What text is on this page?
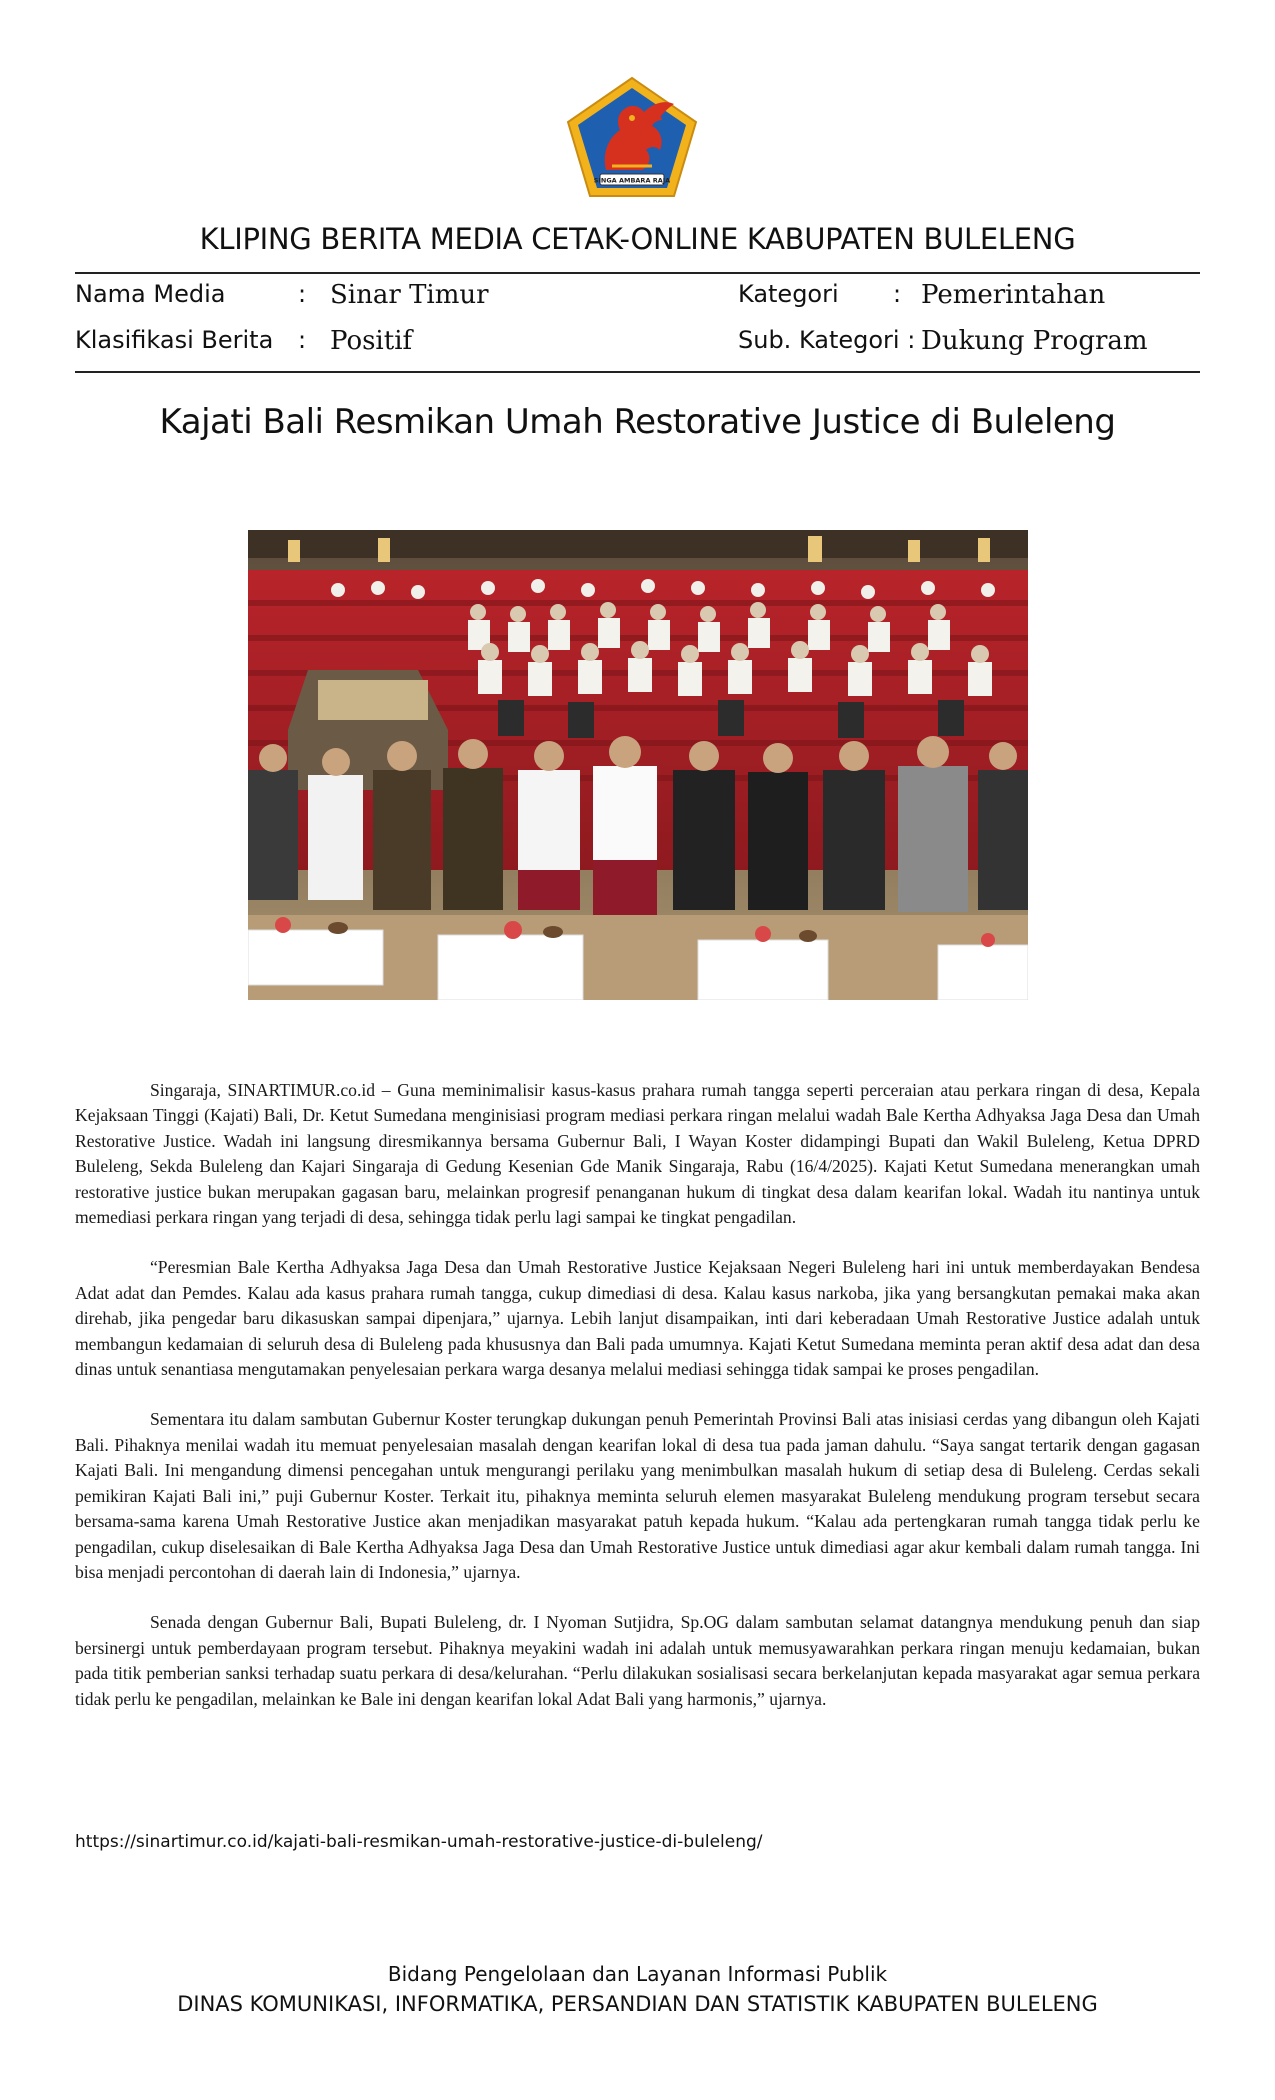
SINGA AMBARA RAJA
KLIPING BERITA MEDIA CETAK-ONLINE KABUPATEN BULELENG
Nama Media	: Sinar Timur	Kategori : Pemerintahan
Klasifikasi Berita : Positif	Sub. Kategori : Dukung Program
Kajati Bali Resmikan Umah Restorative Justice di Buleleng

Singaraja, SINARTIMUR.co.id – Guna meminimalisir kasus-kasus prahara rumah tangga seperti perceraian atau perkara ringan di desa, Kepala Kejaksaan Tinggi (Kajati) Bali, Dr. Ketut Sumedana menginisiasi program mediasi perkara ringan melalui wadah Bale Kertha Adhyaksa Jaga Desa dan Umah Restorative Justice. Wadah ini langsung diresmikannya bersama Gubernur Bali, I Wayan Koster didampingi Bupati dan Wakil Buleleng, Ketua DPRD Buleleng, Sekda Buleleng dan Kajari Singaraja di Gedung Kesenian Gde Manik Singaraja, Rabu (16/4/2025). Kajati Ketut Sumedana menerangkan umah restorative justice bukan merupakan gagasan baru, melainkan progresif penanganan hukum di tingkat desa dalam kearifan lokal. Wadah itu nantinya untuk memediasi perkara ringan yang terjadi di desa, sehingga tidak perlu lagi sampai ke tingkat pengadilan.

“Peresmian Bale Kertha Adhyaksa Jaga Desa dan Umah Restorative Justice Kejaksaan Negeri Buleleng hari ini untuk memberdayakan Bendesa Adat adat dan Pemdes. Kalau ada kasus prahara rumah tangga, cukup dimediasi di desa. Kalau kasus narkoba, jika yang bersangkutan pemakai maka akan direhab, jika pengedar baru dikasuskan sampai dipenjara,” ujarnya. Lebih lanjut disampaikan, inti dari keberadaan Umah Restorative Justice adalah untuk membangun kedamaian di seluruh desa di Buleleng pada khususnya dan Bali pada umumnya. Kajati Ketut Sumedana meminta peran aktif desa adat dan desa dinas untuk senantiasa mengutamakan penyelesaian perkara warga desanya melalui mediasi sehingga tidak sampai ke proses pengadilan.

Sementara itu dalam sambutan Gubernur Koster terungkap dukungan penuh Pemerintah Provinsi Bali atas inisiasi cerdas yang dibangun oleh Kajati Bali. Pihaknya menilai wadah itu memuat penyelesaian masalah dengan kearifan lokal di desa tua pada jaman dahulu. “Saya sangat tertarik dengan gagasan Kajati Bali. Ini mengandung dimensi pencegahan untuk mengurangi perilaku yang menimbulkan masalah hukum di setiap desa di Buleleng. Cerdas sekali pemikiran Kajati Bali ini,” puji Gubernur Koster. Terkait itu, pihaknya meminta seluruh elemen masyarakat Buleleng mendukung program tersebut secara bersama-sama karena Umah Restorative Justice akan menjadikan masyarakat patuh kepada hukum. “Kalau ada pertengkaran rumah tangga tidak perlu ke pengadilan, cukup diselesaikan di Bale Kertha Adhyaksa Jaga Desa dan Umah Restorative Justice untuk dimediasi agar akur kembali dalam rumah tangga. Ini bisa menjadi percontohan di daerah lain di Indonesia,” ujarnya.

Senada dengan Gubernur Bali, Bupati Buleleng, dr. I Nyoman Sutjidra, Sp.OG dalam sambutan selamat datangnya mendukung penuh dan siap bersinergi untuk pemberdayaan program tersebut. Pihaknya meyakini wadah ini adalah untuk memusyawarahkan perkara ringan menuju kedamaian, bukan pada titik pemberian sanksi terhadap suatu perkara di desa/kelurahan. “Perlu dilakukan sosialisasi secara berkelanjutan kepada masyarakat agar semua perkara tidak perlu ke pengadilan, melainkan ke Bale ini dengan kearifan lokal Adat Bali yang harmonis,” ujarnya.

https://sinartimur.co.id/kajati-bali-resmikan-umah-restorative-justice-di-buleleng/
Bidang Pengelolaan dan Layanan Informasi Publik
DINAS KOMUNIKASI, INFORMATIKA, PERSANDIAN DAN STATISTIK KABUPATEN BULELENG
